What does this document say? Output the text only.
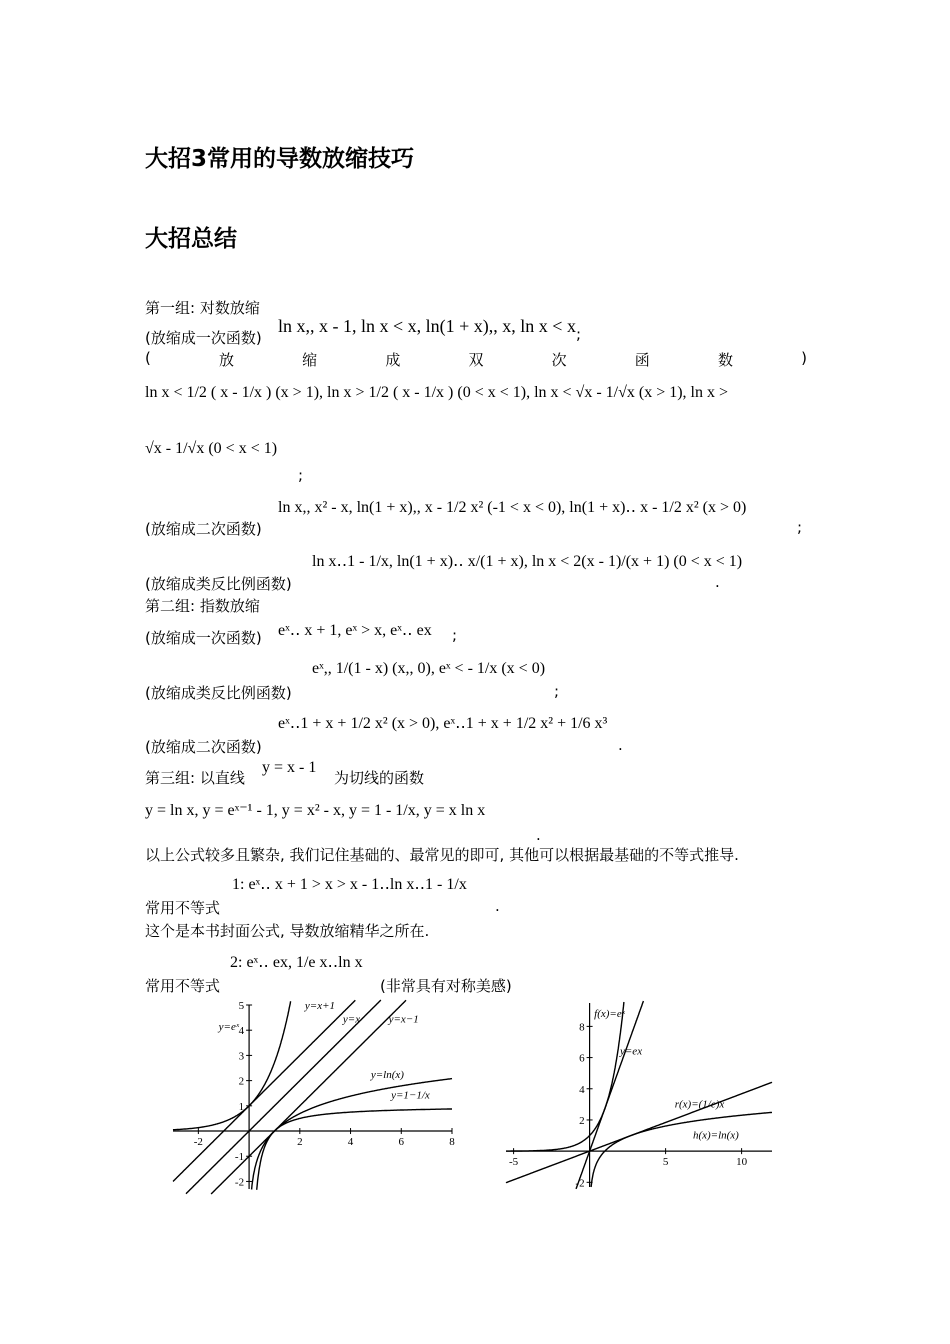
大招3常用的导数放缩技巧
大招总结
第一组: 对数放缩
(放缩成一次函数)
ln x,, x - 1, ln x < x, ln(1 + x),, x, ln x < x ;
(	放	缩	成	双	次	函	数	)
ln x < 1/2 ( x - 1/x ) (x > 1), ln x > 1/2 ( x - 1/x ) (0 < x < 1), ln x < √x - 1/√x (x > 1), ln x >
√x - 1/√x (0 < x < 1)
;
ln x,, x² - x, ln(1 + x),, x - 1/2 x² (-1 < x < 0), ln(1 + x)‥ x - 1/2 x² (x > 0)
(放缩成二次函数)	;
ln x‥1 - 1/x, ln(1 + x)‥ x/(1 + x), ln x < 2(x - 1)/(x + 1) (0 < x < 1)
(放缩成类反比例函数)	.
第二组: 指数放缩
eˣ‥ x + 1, eˣ > x, eˣ‥ ex
(放缩成一次函数)	;
eˣ,, 1/(1 - x) (x,, 0), eˣ < - 1/x (x < 0)
(放缩成类反比例函数)	;
eˣ‥1 + x + 1/2 x² (x > 0), eˣ‥1 + x + 1/2 x² + 1/6 x³
(放缩成二次函数)	.
第三组: 以直线
y = x - 1
为切线的函数
y = ln x, y = eˣ⁻¹ - 1, y = x² - x, y = 1 - 1/x, y = x ln x
.
以上公式较多且繁杂, 我们记住基础的、最常见的即可, 其他可以根据最基础的不等式推导.
1: eˣ‥ x + 1 > x > x - 1‥ln x‥1 - 1/x
常用不等式	.
这个是本书封面公式, 导数放缩精华之所在.
2: eˣ‥ ex, 1/e x‥ln x
常用不等式	(非常具有对称美感)
-2	2	4	6	8
-2
-1
1
2
3
4
5
y=eˣ
y=x+1
y=x	y=x−1
y=ln(x)
y=1−1/x
-5	5	10
-2
2
4
6
8
f(x)=eˣ
y=ex
r(x)=(1/e)x
h(x)=ln(x)
